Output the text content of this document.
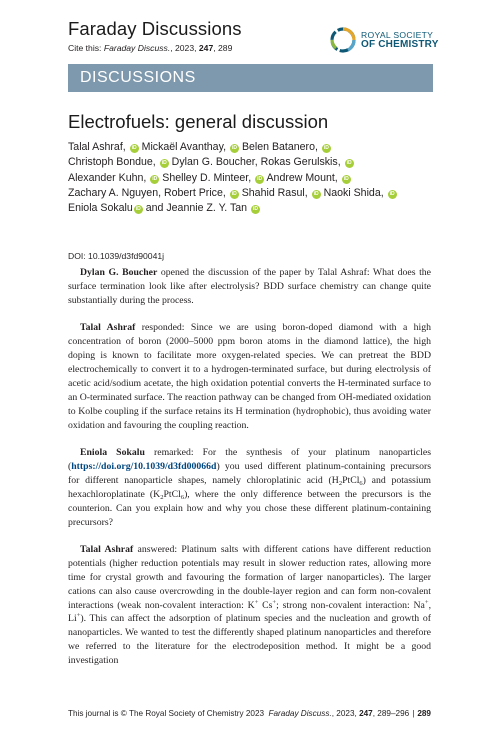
Faraday Discussions
Cite this: Faraday Discuss., 2023, 247, 289
ROYAL SOCIETY
OF CHEMISTRY
DISCUSSIONS
Electrofuels: general discussion
Talal Ashraf, iD Mickaël Avanthay, iD Belen Batanero, iD
Christoph Bondue, iD Dylan G. Boucher, Rokas Gerulskis, iD
Alexander Kuhn, iD Shelley D. Minteer, iD Andrew Mount, iD
Zachary A. Nguyen, Robert Price, iD Shahid Rasul, iD Naoki Shida, iD
Eniola Sokalu iD and Jeannie Z. Y. Tan iD
DOI: 10.1039/d3fd90041j

Dylan G. Boucher opened the discussion of the paper by Talal Ashraf: What does the surface termination look like after electrolysis? BDD surface chemistry can change quite substantially during the process.

Talal Ashraf responded: Since we are using boron-doped diamond with a high concentration of boron (2000–5000 ppm boron atoms in the diamond lattice), the high doping is known to facilitate more oxygen-related species. We can pretreat the BDD electrochemically to convert it to a hydrogen-terminated surface, but during electrolysis of acetic acid/sodium acetate, the high oxidation potential converts the H-terminated surface to an O-terminated surface. The reaction pathway can be changed from OH-mediated oxidation to Kolbe coupling if the surface retains its H termination (hydrophobic), thus avoiding water oxidation and favouring the coupling reaction.

Eniola Sokalu remarked: For the synthesis of your platinum nanoparticles (https://doi.org/10.1039/d3fd00066d) you used different platinum-containing precursors for different nanoparticle shapes, namely chloroplatinic acid $(H_2PtCl_6)$ and potassium hexachloroplatinate $(K_2PtCl_6)$, where the only difference between the precursors is the counterion. Can you explain how and why you chose these different platinum-containing precursors?

Talal Ashraf answered: Platinum salts with different cations have different reduction potentials (higher reduction potentials may result in slower reduction rates, allowing more time for crystal growth and favouring the formation of larger nanoparticles). The larger cations can also cause overcrowding in the double-layer region and can form non-covalent interactions (weak non-covalent interaction: K+ Cs+; strong non-covalent interaction: Na+, Li+). This can affect the adsorption of platinum species and the nucleation and growth of nanoparticles. We wanted to test the differently shaped platinum nanoparticles and therefore we referred to the literature for the electrodeposition method. It might be a good investigation

This journal is © The Royal Society of Chemistry 2023 Faraday Discuss., 2023, 247, 289–296 | 289
